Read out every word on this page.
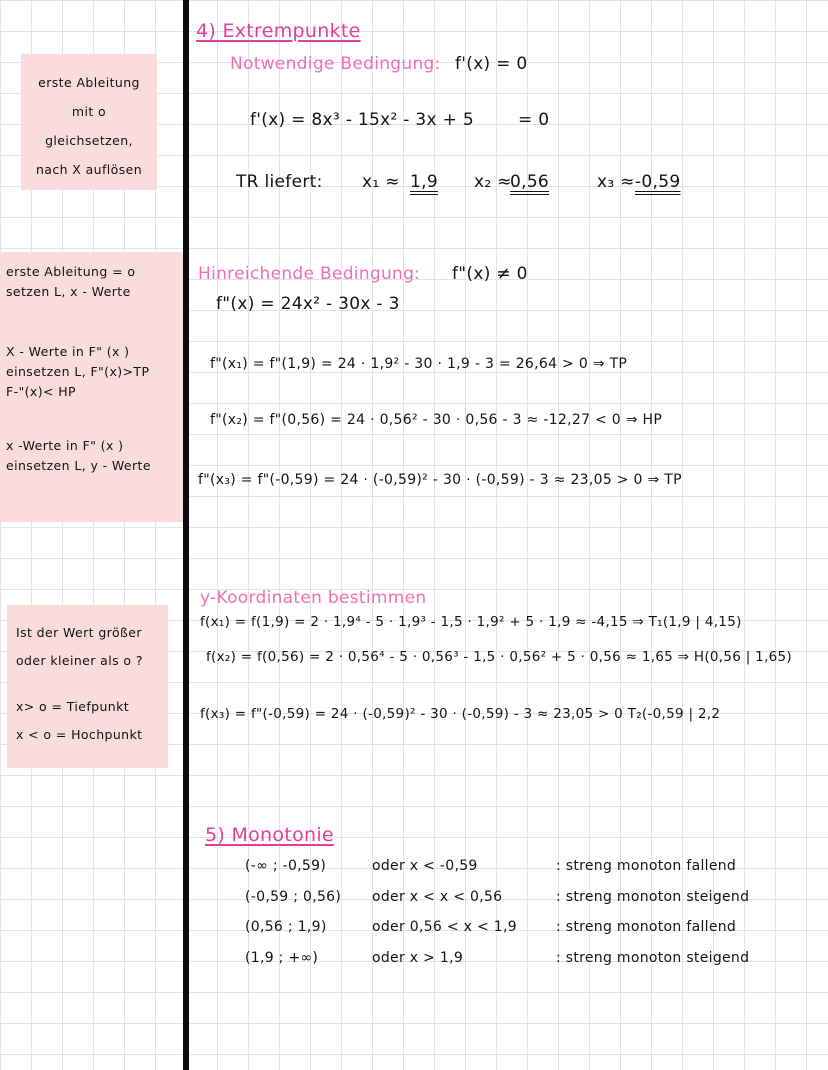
erste Ableitung
mit o
gleichsetzen,
nach X auflösen
erste Ableitung = o
setzen L, x - Werte
X - Werte in F" (x )
einsetzen L, F"(x)>TP
F-"(x)< HP
x -Werte in F" (x )
einsetzen L, y - Werte
Ist der Wert größer
oder kleiner als o ?
x> o = Tiefpunkt
x < o = Hochpunkt
4) Extrempunkte
Notwendige Bedingung: f'(x) = 0
f'(x) = 8x³ - 15x² - 3x + 5	= 0
TR liefert: x₁ ≈ 1,9 x₂ ≈
0,56	x₃ ≈ -0,59
Hinreichende Bedingung: f"(x) ≠ 0
f"(x) = 24x² - 30x - 3
f"(x₁) = f"(1,9) = 24 · 1,9² - 30 · 1,9 - 3 = 26,64 > 0 ⇒ TP
f"(x₂) = f"(0,56) = 24 · 0,56² - 30 · 0,56 - 3 ≈ -12,27 < 0 ⇒ HP
f"(x₃) = f"(-0,59) = 24 · (-0,59)² - 30 · (-0,59) - 3 ≈ 23,05 > 0 ⇒ TP
y-Koordinaten bestimmen
f(x₁) = f(1,9) = 2 · 1,9⁴ - 5 · 1,9³ - 1,5 · 1,9² + 5 · 1,9 ≈ -4,15 ⇒ T₁(1,9 | 4,15)
f(x₂) = f(0,56) = 2 · 0,56⁴ - 5 · 0,56³ - 1,5 · 0,56² + 5 · 0,56 ≈ 1,65 ⇒ H(0,56 | 1,65)
f(x₃) = f"(-0,59) = 24 · (-0,59)² - 30 · (-0,59) - 3 ≈ 23,05 > 0 T₂(-0,59 | 2,2
5) Monotonie
(-∞ ; -0,59)	oder x < -0,59	: streng monoton fallend
(-0,59 ; 0,56) oder x < x < 0,56	: streng monoton steigend
(0,56 ; 1,9)	oder 0,56 < x < 1,9	: streng monoton fallend
(1,9 ; +∞)	oder x > 1,9	: streng monoton steigend
